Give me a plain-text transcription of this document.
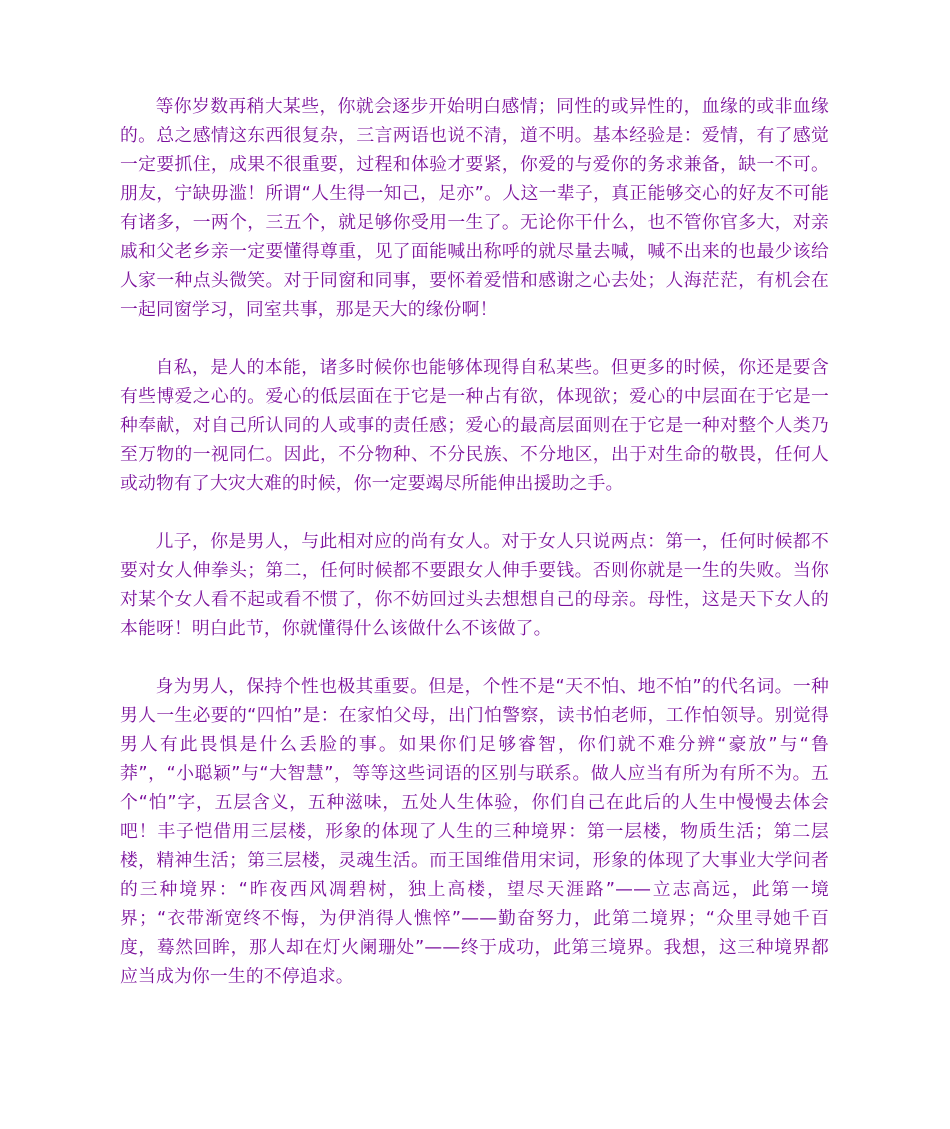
等你岁数再稍大某些，你就会逐步开始明白感情；同性的或异性的，血缘的或非血缘的。总之感情这东西很复杂，三言两语也说不清，道不明。基本经验是：爱情，有了感觉一定要抓住，成果不很重要，过程和体验才要紧，你爱的与爱你的务求兼备，缺一不可。朋友，宁缺毋滥！所谓“人生得一知己，足亦”。人这一辈子，真正能够交心的好友不可能有诸多，一两个，三五个，就足够你受用一生了。无论你干什么，也不管你官多大，对亲戚和父老乡亲一定要懂得尊重，见了面能喊出称呼的就尽量去喊，喊不出来的也最少该给人家一种点头微笑。对于同窗和同事，要怀着爱惜和感谢之心去处；人海茫茫，有机会在一起同窗学习，同室共事，那是天大的缘份啊！

自私，是人的本能，诸多时候你也能够体现得自私某些。但更多的时候，你还是要含有些博爱之心的。爱心的低层面在于它是一种占有欲，体现欲；爱心的中层面在于它是一种奉献，对自己所认同的人或事的责任感；爱心的最高层面则在于它是一种对整个人类乃至万物的一视同仁。因此，不分物种、不分民族、不分地区，出于对生命的敬畏，任何人或动物有了大灾大难的时候，你一定要竭尽所能伸出援助之手。

儿子，你是男人，与此相对应的尚有女人。对于女人只说两点：第一，任何时候都不要对女人伸拳头；第二，任何时候都不要跟女人伸手要钱。否则你就是一生的失败。当你对某个女人看不起或看不惯了，你不妨回过头去想想自己的母亲。母性，这是天下女人的本能呀！明白此节，你就懂得什么该做什么不该做了。

身为男人，保持个性也极其重要。但是，个性不是“天不怕、地不怕”的代名词。一种男人一生必要的“四怕”是：在家怕父母，出门怕警察，读书怕老师，工作怕领导。别觉得男人有此畏惧是什么丢脸的事。如果你们足够睿智，你们就不难分辨“豪放”与“鲁莽”，“小聪颖”与“大智慧”，等等这些词语的区别与联系。做人应当有所为有所不为。五个“怕”字，五层含义，五种滋味，五处人生体验，你们自己在此后的人生中慢慢去体会吧！丰子恺借用三层楼，形象的体现了人生的三种境界：第一层楼，物质生活；第二层楼，精神生活；第三层楼，灵魂生活。而王国维借用宋词，形象的体现了大事业大学问者的三种境界：“昨夜西风凋碧树，独上高楼，望尽天涯路”——立志高远，此第一境界；“衣带渐宽终不悔，为伊消得人憔悴”——勤奋努力，此第二境界；“众里寻她千百度，蓦然回眸，那人却在灯火阑珊处”——终于成功，此第三境界。我想，这三种境界都应当成为你一生的不停追求。
